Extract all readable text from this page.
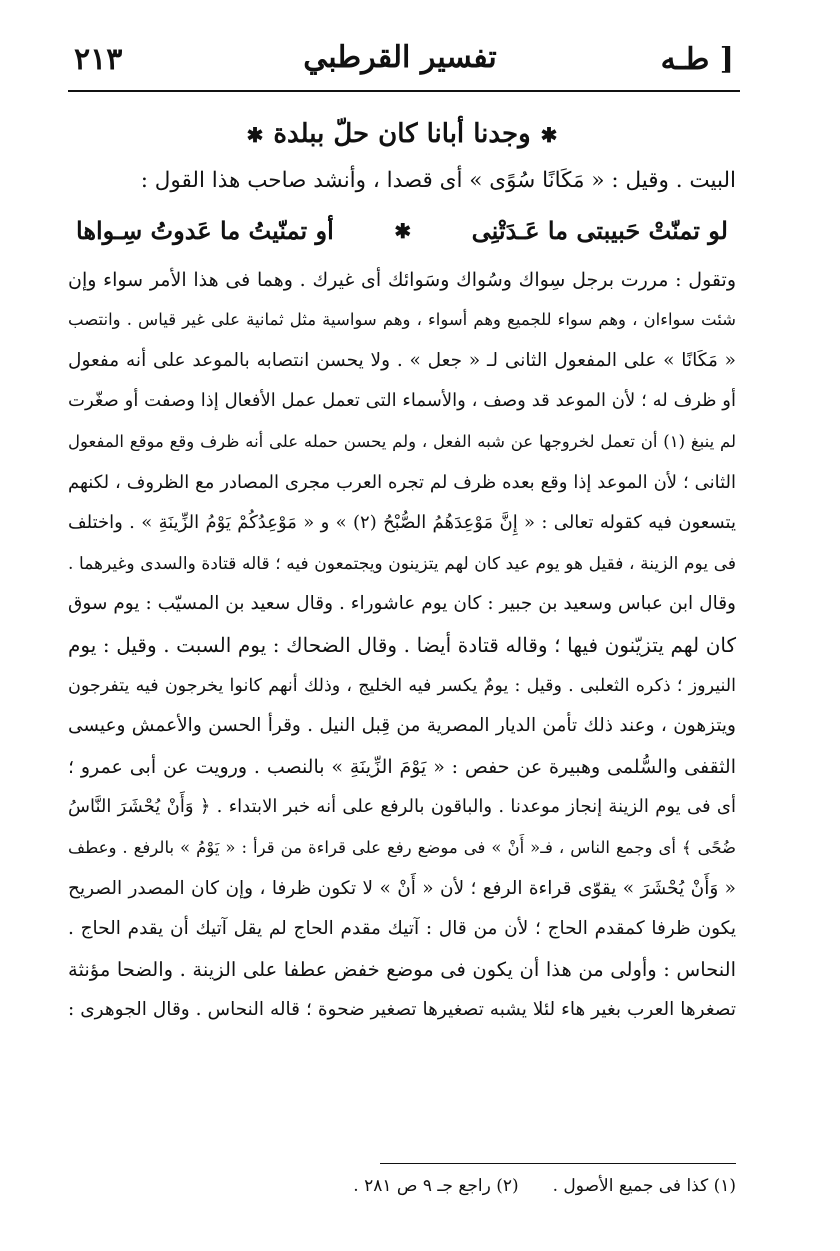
٢١٣	تفسير القرطبي	طـه ]
✱وجدنا أبانا كان حلّ ببلدة✱
البيت . وقيل : « مَكَانًا سُوًى » أى قصدا ، وأنشد صاحب هذا القول :
لو تمنّتْ حَبيبتى ما عَـدَتْنِى
✱
أو تمنّيتُ ما عَدوتُ سِـواها
وتقول : مررت برجل سِواك وسُواك وسَوائك أى غيرك . وهما فى هذا الأمر سواء وإن
شئت سواءان ، وهم سواء للجميع وهم أسواء ، وهم سواسية مثل ثمانية على غير قياس . وانتصب
« مَكَانًا » على المفعول الثانى لـ « جعل » . ولا يحسن انتصابه بالموعد على أنه مفعول
أو ظرف له ؛ لأن الموعد قد وصف ، والأسماء التى تعمل عمل الأفعال إذا وصفت أو صغّرت
لم ينبغ (١) أن تعمل لخروجها عن شبه الفعل ، ولم يحسن حمله على أنه ظرف وقع موقع المفعول
الثانى ؛ لأن الموعد إذا وقع بعده ظرف لم تجره العرب مجرى المصادر مع الظروف ، لكنهم
يتسعون فيه كقوله تعالى : « إِنَّ مَوْعِدَهُمُ الصُّبْحُ (٢) » و « مَوْعِدُكُمْ يَوْمُ الزِّينَةِ » . واختلف
فى يوم الزينة ، فقيل هو يوم عيد كان لهم يتزينون ويجتمعون فيه ؛ قاله قتادة والسدى وغيرهما .
وقال ابن عباس وسعيد بن جبير : كان يوم عاشوراء . وقال سعيد بن المسيّب : يوم سوق
كان لهم يتزيّنون فيها ؛ وقاله قتادة أيضا . وقال الضحاك : يوم السبت . وقيل : يوم
النيروز ؛ ذكره الثعلبى . وقيل : يومٌ يكسر فيه الخليج ، وذلك أنهم كانوا يخرجون فيه يتفرجون
ويتزهون ، وعند ذلك تأمن الديار المصرية من قِبل النيل . وقرأ الحسن والأعمش وعيسى
الثقفى والسُّلمى وهبيرة عن حفص : « يَوْمَ الزِّينَةِ » بالنصب . ورويت عن أبى عمرو ؛
أى فى يوم الزينة إنجاز موعدنا . والباقون بالرفع على أنه خبر الابتداء . ﴿ وَأَنْ يُحْشَرَ النَّاسُ
ضُحًى ﴾ أى وجمع الناس ، فـ« أَنْ » فى موضع رفع على قراءة من قرأ : « يَوْمُ » بالرفع . وعطف
« وَأَنْ يُحْشَرَ » يقوّى قراءة الرفع ؛ لأن « أَنْ » لا تكون ظرفا ، وإن كان المصدر الصريح
يكون ظرفا كمقدم الحاج ؛ لأن من قال : آتيك مقدم الحاج لم يقل آتيك أن يقدم الحاج .
النحاس : وأولى من هذا أن يكون فى موضع خفض عطفا على الزينة . والضحا مؤنثة
تصغرها العرب بغير هاء لئلا يشبه تصغيرها تصغير ضحوة ؛ قاله النحاس . وقال الجوهرى :
(١) كذا فى جميع الأصول .
(٢) راجع جـ ٩ ص ٢٨١ .
